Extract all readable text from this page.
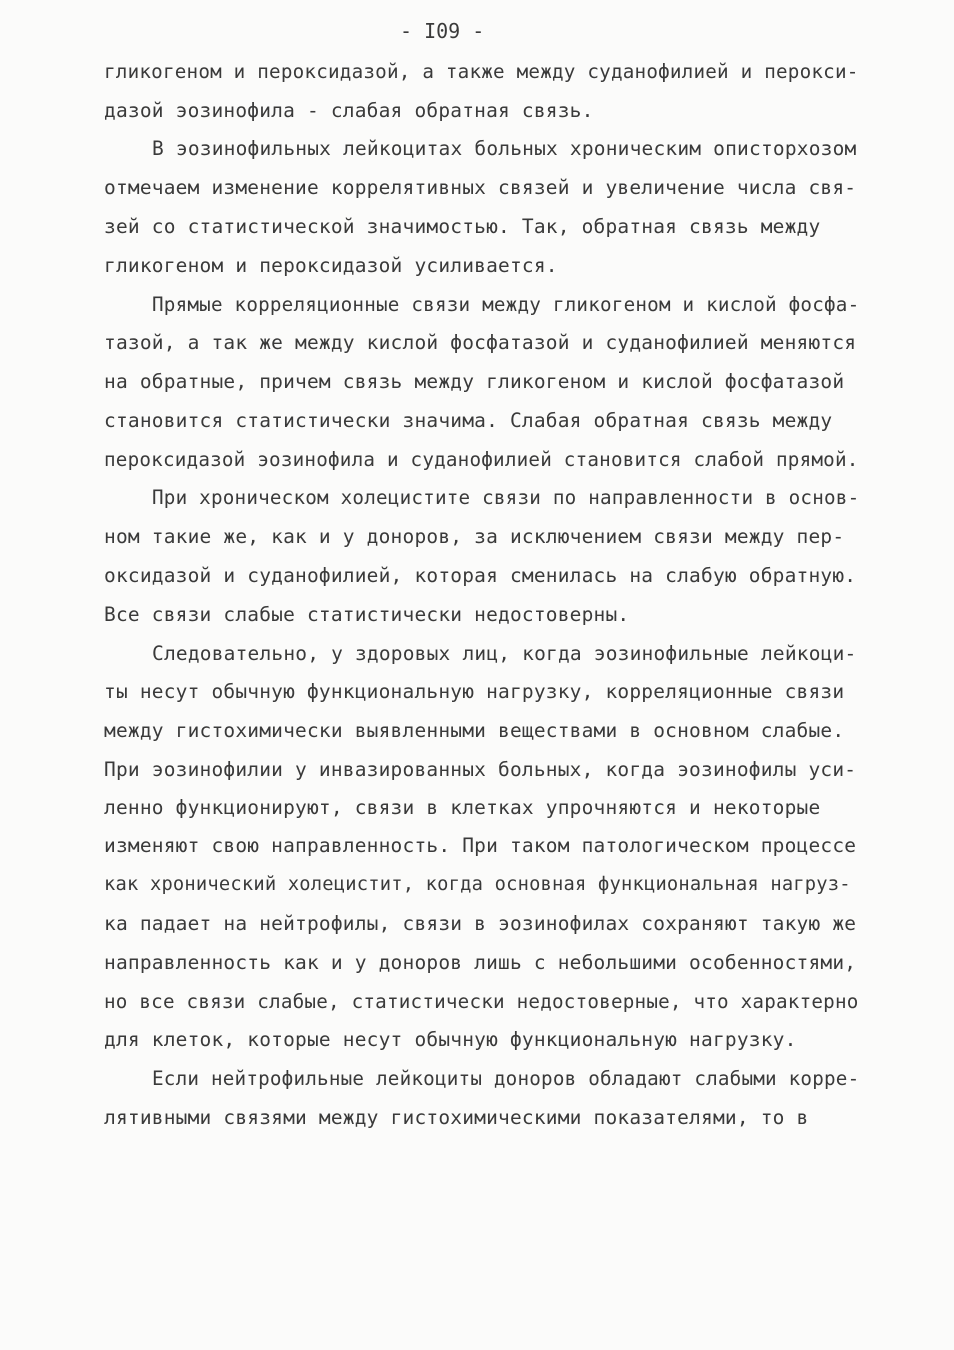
- I09 -
гликогеном и пероксидазой, а также между суданофилией и перокси-
дазой эозинофила - слабая обратная связь.
В эозинофильных лейкоцитах больных хроническим описторхозом
отмечаем изменение коррелятивных связей и увеличение числа свя-
зей со статистической значимостью. Так, обратная связь между
гликогеном и пероксидазой усиливается.
Прямые корреляционные связи между гликогеном и кислой фосфа-
тазой, а так же между кислой фосфатазой и суданофилией меняются
на обратные, причем связь между гликогеном и кислой фосфатазой
становится статистически значима. Слабая обратная связь между
пероксидазой эозинофила и суданофилией становится слабой прямой.
При хроническом холецистите связи по направленности в основ-
ном такие же, как и у доноров, за исключением связи между пер-
оксидазой и суданофилией, которая сменилась на слабую обратную.
Все связи слабые статистически недостоверны.
Следовательно, у здоровых лиц, когда эозинофильные лейкоци-
ты несут обычную функциональную нагрузку, корреляционные связи
между гистохимически выявленными веществами в основном слабые.
При эозинофилии у инвазированных больных, когда эозинофилы уси-
ленно функционируют, связи в клетках упрочняются и некоторые
изменяют свою направленность. При таком патологическом процессе
как хронический холецистит, когда основная функциональная нагруз-
ка падает на нейтрофилы, связи в эозинофилах сохраняют такую же
направленность как и у доноров лишь с небольшими особенностями,
но все связи слабые, статистически недостоверные, что характерно
для клеток, которые несут обычную функциональную нагрузку.
Если нейтрофильные лейкоциты доноров обладают слабыми корре-
лятивными связями между гистохимическими показателями, то в
